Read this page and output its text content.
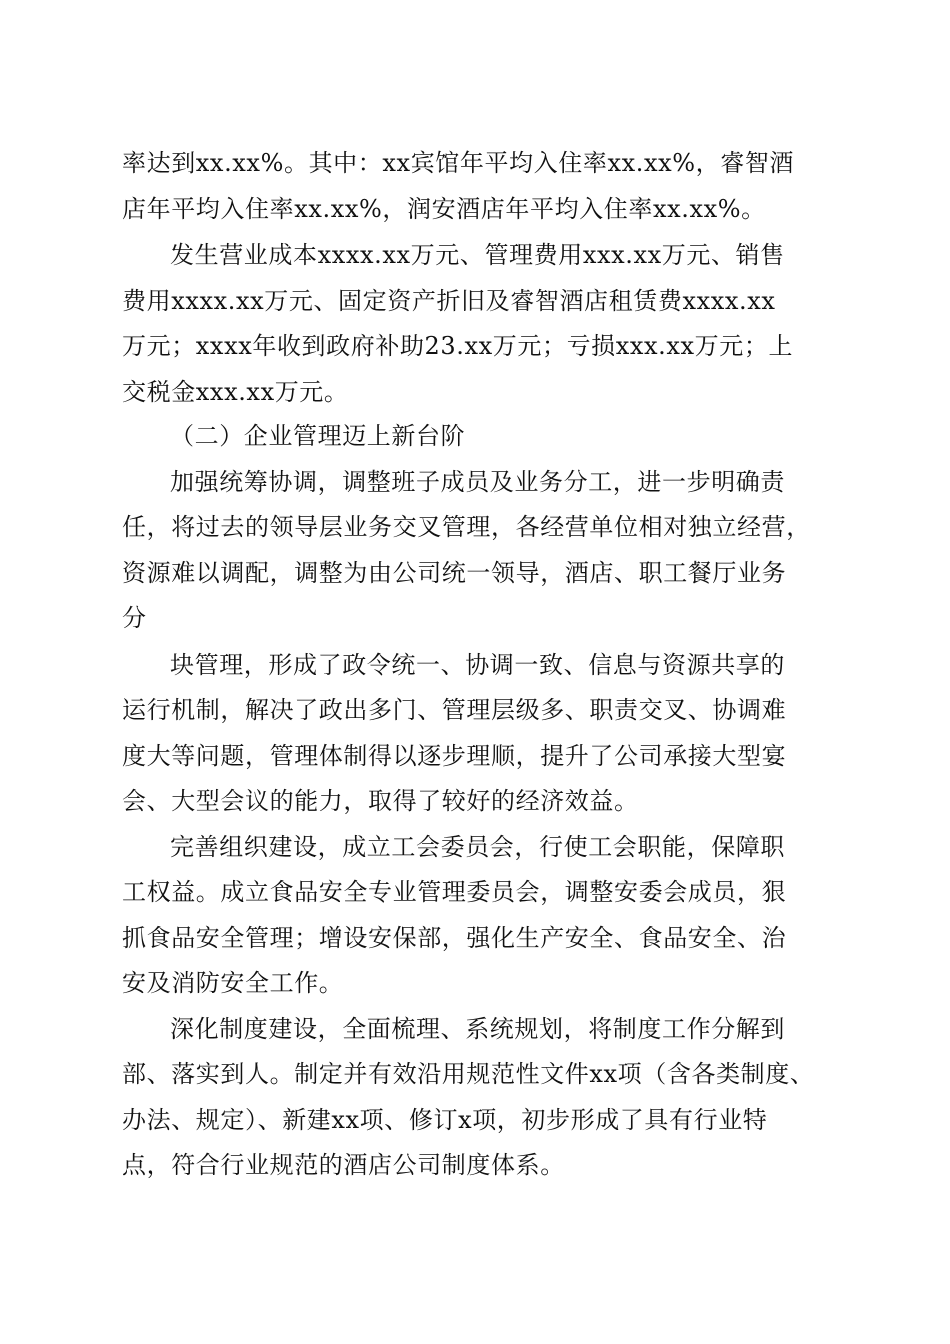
率达到xx.xx%。其中：xx宾馆年平均入住率xx.xx%，睿智酒
店年平均入住率xx.xx%，润安酒店年平均入住率xx.xx%。
发生营业成本xxxx.xx万元、管理费用xxx.xx万元、销售
费用xxxx.xx万元、固定资产折旧及睿智酒店租赁费xxxx.xx
万元；xxxx年收到政府补助23.xx万元；亏损xxx.xx万元；上
交税金xxx.xx万元。
（二）企业管理迈上新台阶
加强统筹协调，调整班子成员及业务分工，进一步明确责
任，将过去的领导层业务交叉管理，各经营单位相对独立经营，
资源难以调配，调整为由公司统一领导，酒店、职工餐厅业务
分
块管理，形成了政令统一、协调一致、信息与资源共享的
运行机制，解决了政出多门、管理层级多、职责交叉、协调难
度大等问题，管理体制得以逐步理顺，提升了公司承接大型宴
会、大型会议的能力，取得了较好的经济效益。
完善组织建设，成立工会委员会，行使工会职能，保障职
工权益。成立食品安全专业管理委员会，调整安委会成员，狠
抓食品安全管理；增设安保部，强化生产安全、食品安全、治
安及消防安全工作。
深化制度建设，全面梳理、系统规划，将制度工作分解到
部、落实到人。制定并有效沿用规范性文件xx项（含各类制度、
办法、规定）、新建xx项、修订x项，初步形成了具有行业特
点，符合行业规范的酒店公司制度体系。
